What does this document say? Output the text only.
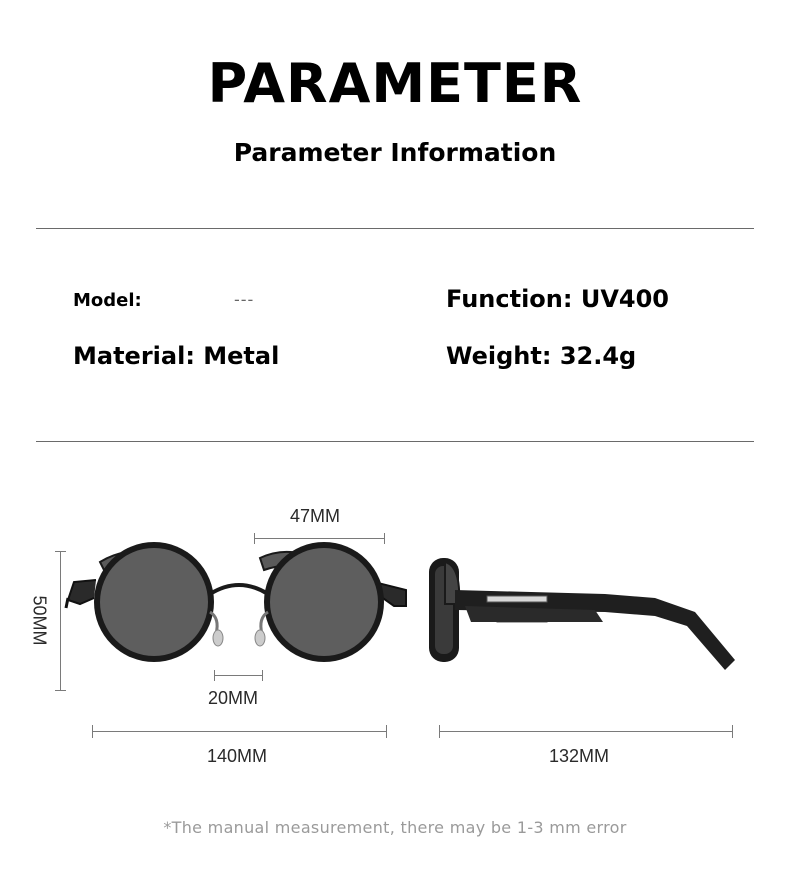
PARAMETER
Parameter Information
Model:	---	Function: UV400
Material: Metal	Weight: 32.4g
47MM
50MM
20MM
140MM	132MM
*The manual measurement, there may be 1-3 mm error
